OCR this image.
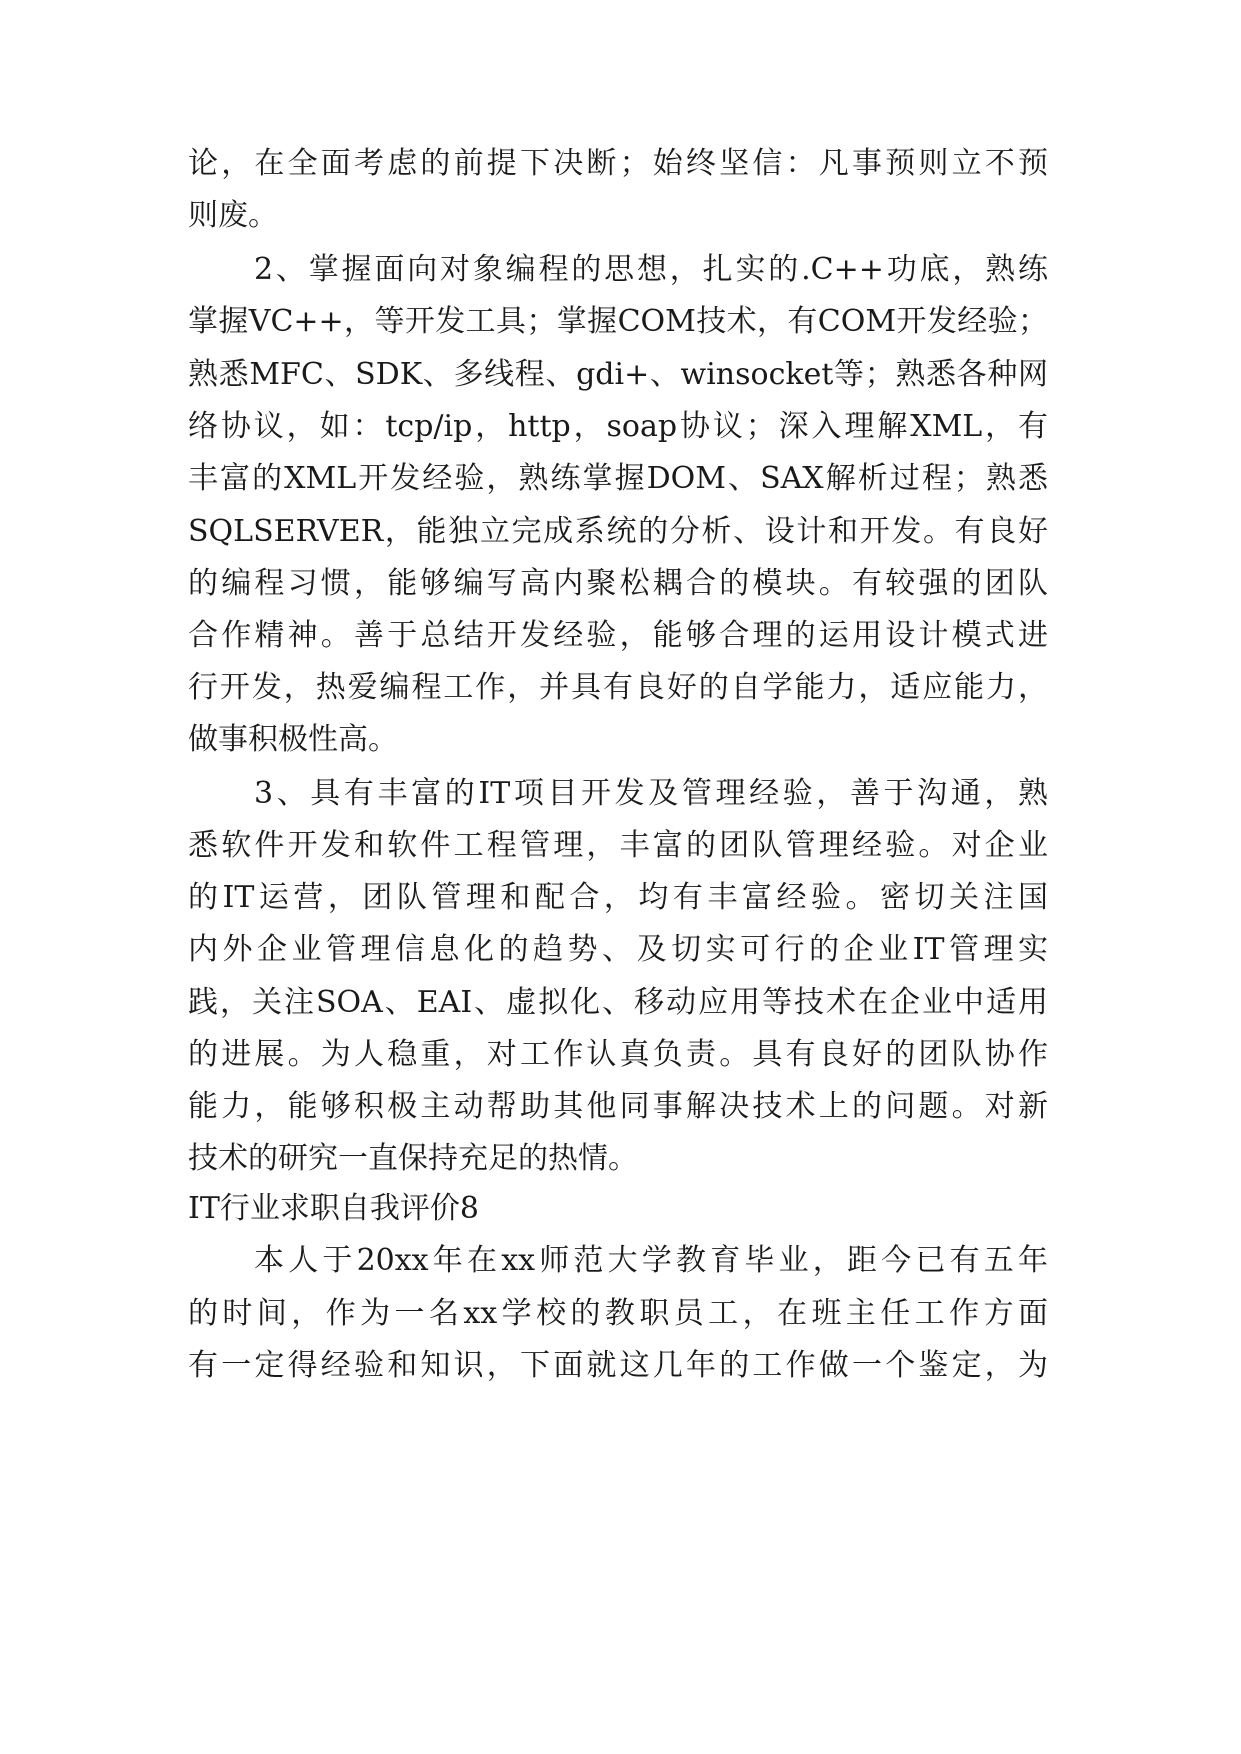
论，在全面考虑的前提下决断；始终坚信：凡事预则立不预
则废。
2、掌握面向对象编程的思想，扎实的.C++功底，熟练
掌握VC++，等开发工具；掌握COM技术，有COM开发经验；
熟悉MFC、SDK、多线程、gdi+、winsocket等；熟悉各种网
络协议，如：tcp/ip，http，soap协议；深入理解XML，有
丰富的XML开发经验，熟练掌握DOM、SAX解析过程；熟悉
SQLSERVER，能独立完成系统的分析、设计和开发。有良好
的编程习惯，能够编写高内聚松耦合的模块。有较强的团队
合作精神。善于总结开发经验，能够合理的运用设计模式进
行开发，热爱编程工作，并具有良好的自学能力，适应能力，
做事积极性高。
3、具有丰富的IT项目开发及管理经验，善于沟通，熟
悉软件开发和软件工程管理，丰富的团队管理经验。对企业
的IT运营，团队管理和配合，均有丰富经验。密切关注国
内外企业管理信息化的趋势、及切实可行的企业IT管理实
践，关注SOA、EAI、虚拟化、移动应用等技术在企业中适用
的进展。为人稳重，对工作认真负责。具有良好的团队协作
能力，能够积极主动帮助其他同事解决技术上的问题。对新
技术的研究一直保持充足的热情。
IT行业求职自我评价8
本人于20xx年在xx师范大学教育毕业，距今已有五年
的时间，作为一名xx学校的教职员工，在班主任工作方面
有一定得经验和知识，下面就这几年的工作做一个鉴定，为
